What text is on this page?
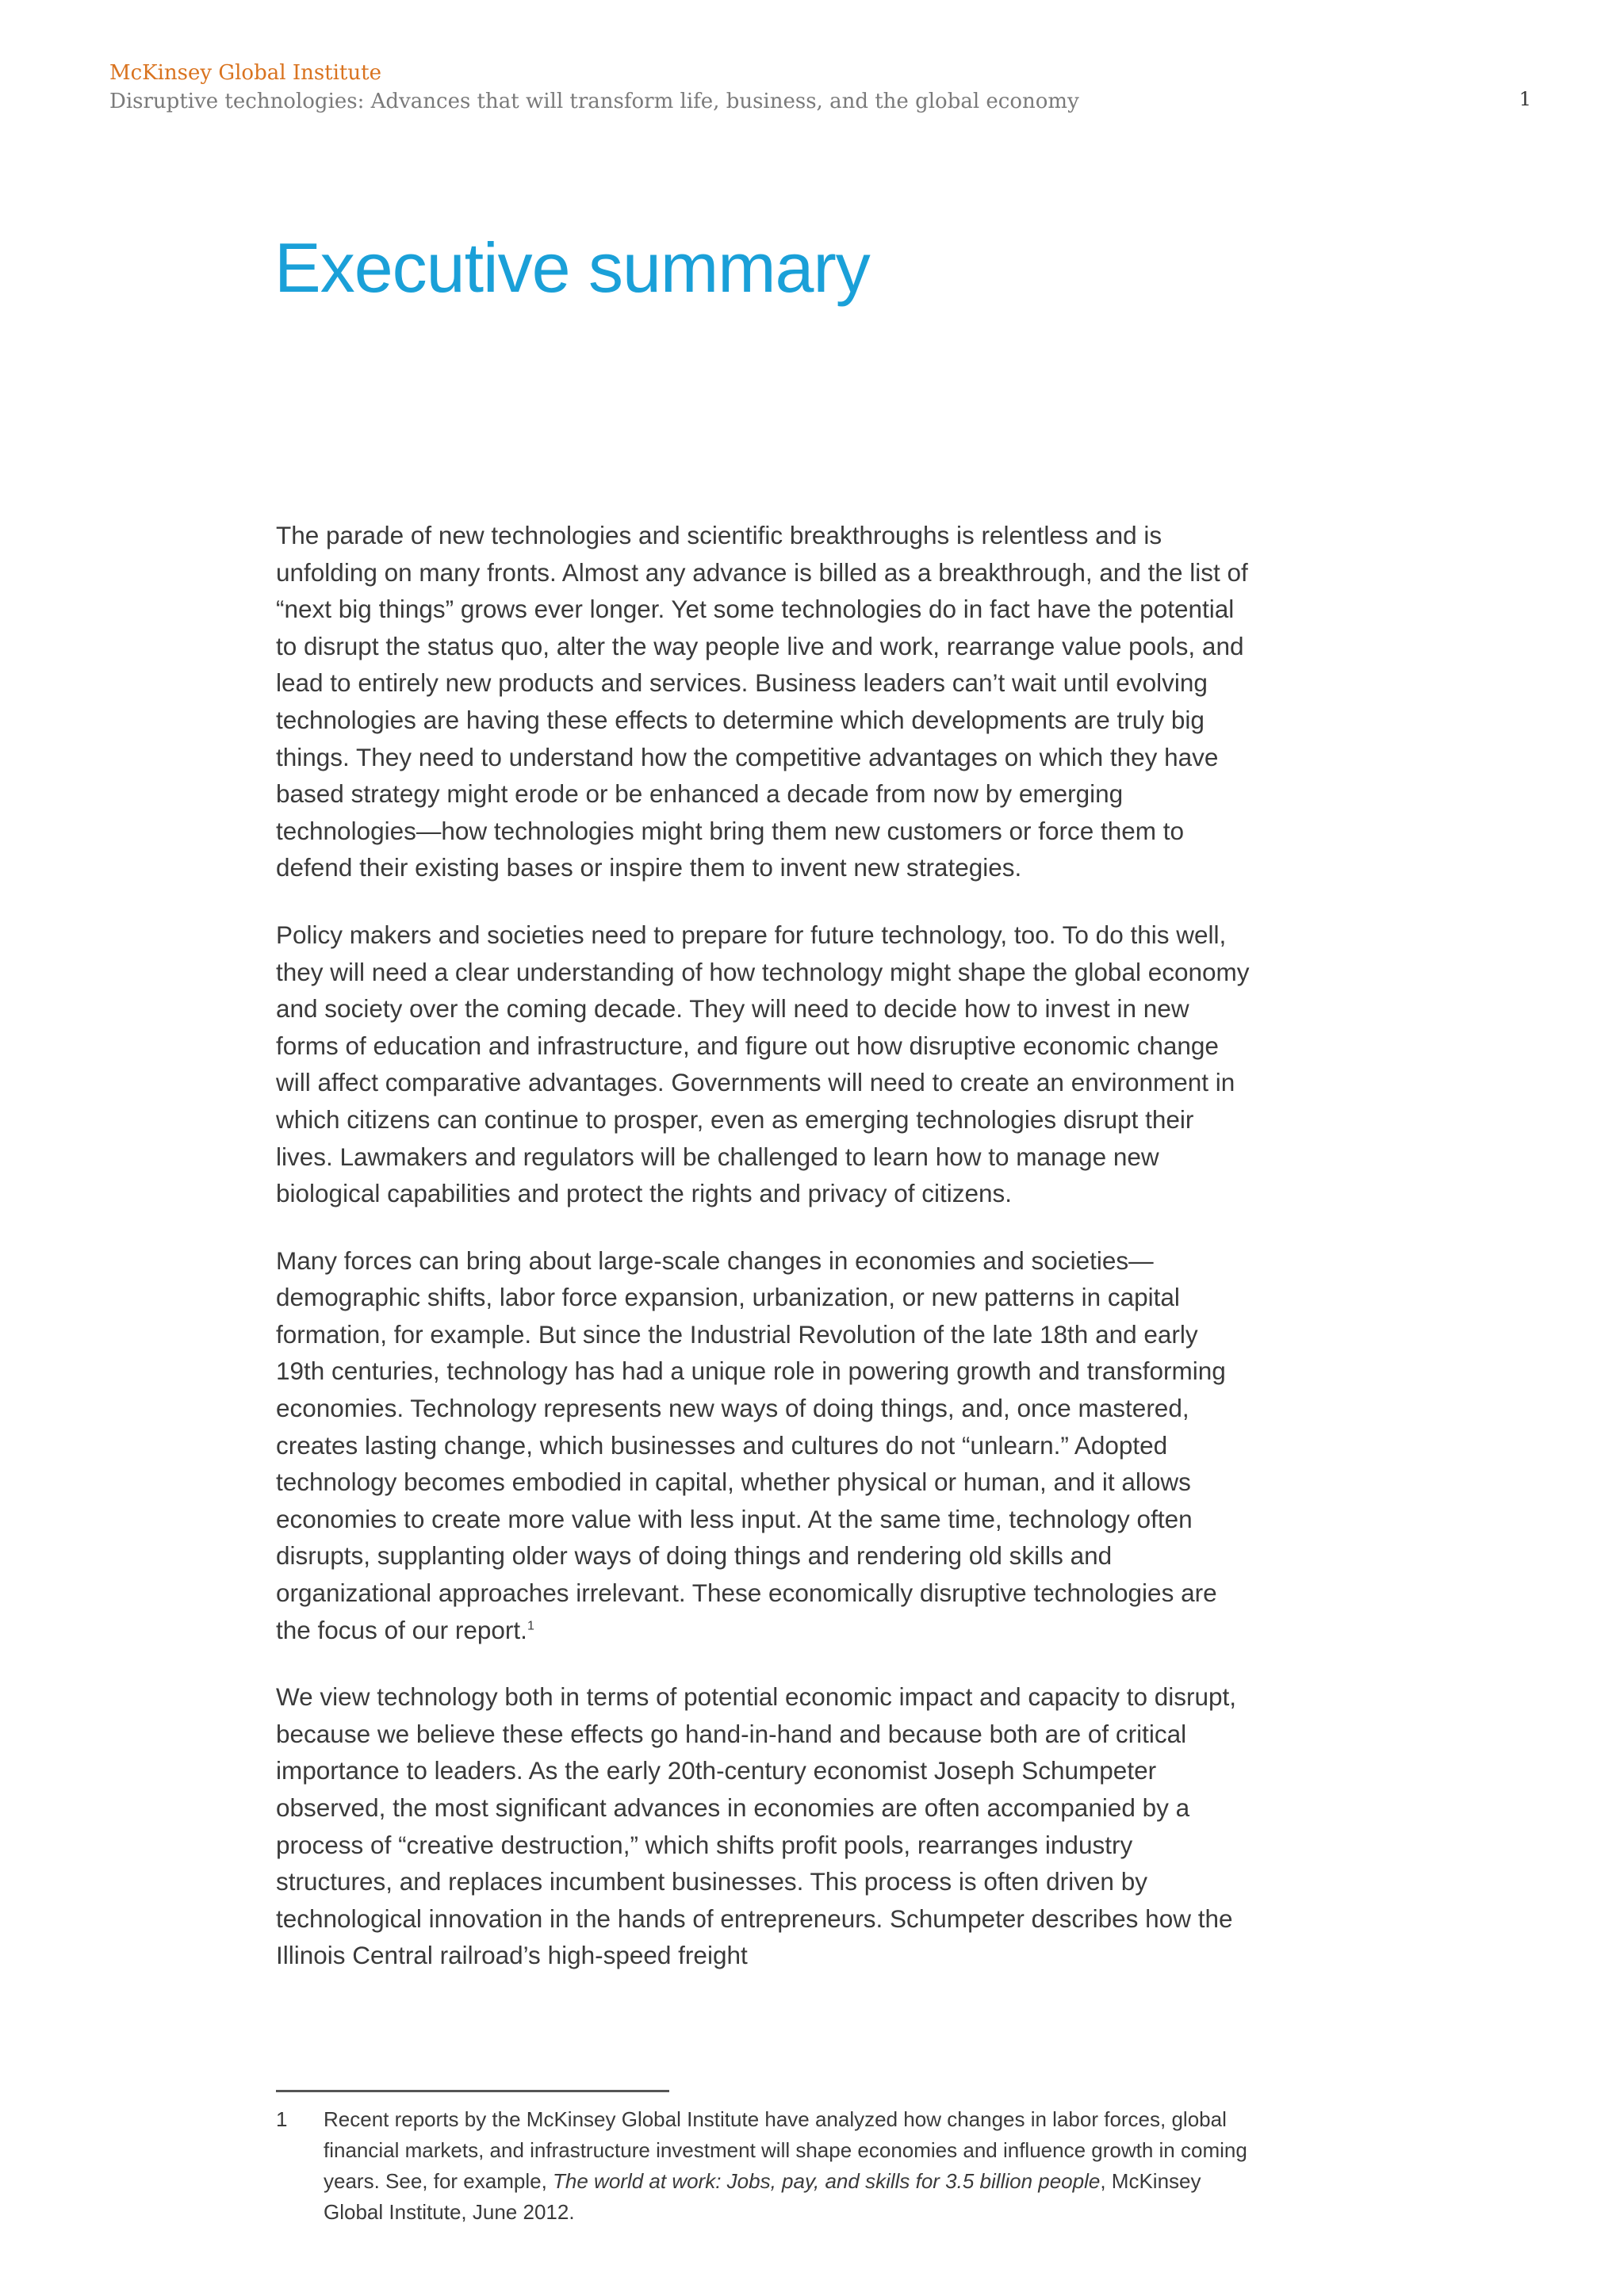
McKinsey Global Institute
Disruptive technologies: Advances that will transform life, business, and the global economy	1
Executive summary

The parade of new technologies and scientific breakthroughs is relentless and is unfolding on many fronts. Almost any advance is billed as a breakthrough, and the list of “next big things” grows ever longer. Yet some technologies do in fact have the potential to disrupt the status quo, alter the way people live and work, rearrange value pools, and lead to entirely new products and services. Business leaders can’t wait until evolving technologies are having these effects to determine which developments are truly big things. They need to understand how the competitive advantages on which they have based strategy might erode or be enhanced a decade from now by emerging technologies—how technologies might bring them new customers or force them to defend their existing bases or inspire them to invent new strategies.

Policy makers and societies need to prepare for future technology, too. To do this well, they will need a clear understanding of how technology might shape the global economy and society over the coming decade. They will need to decide how to invest in new forms of education and infrastructure, and figure out how disruptive economic change will affect comparative advantages. Governments will need to create an environment in which citizens can continue to prosper, even as emerging technologies disrupt their lives. Lawmakers and regulators will be challenged to learn how to manage new biological capabilities and protect the rights and privacy of citizens.

Many forces can bring about large-scale changes in economies and societies—demographic shifts, labor force expansion, urbanization, or new patterns in capital formation, for example. But since the Industrial Revolution of the late 18th and early 19th centuries, technology has had a unique role in powering growth and transforming economies. Technology represents new ways of doing things, and, once mastered, creates lasting change, which businesses and cultures do not “unlearn.” Adopted technology becomes embodied in capital, whether physical or human, and it allows economies to create more value with less input. At the same time, technology often disrupts, supplanting older ways of doing things and rendering old skills and organizational approaches irrelevant. These economically disruptive technologies are the focus of our report.$^1$

We view technology both in terms of potential economic impact and capacity to disrupt, because we believe these effects go hand-in-hand and because both are of critical importance to leaders. As the early 20th-century economist Joseph Schumpeter observed, the most significant advances in economies are often accompanied by a process of “creative destruction,” which shifts profit pools, rearranges industry structures, and replaces incumbent businesses. This process is often driven by technological innovation in the hands of entrepreneurs. Schumpeter describes how the Illinois Central railroad’s high-speed freight

1 Recent reports by the McKinsey Global Institute have analyzed how changes in labor forces, global financial markets, and infrastructure investment will shape economies and influence growth in coming years. See, for example, The world at work: Jobs, pay, and skills for 3.5 billion people, McKinsey Global Institute, June 2012.
